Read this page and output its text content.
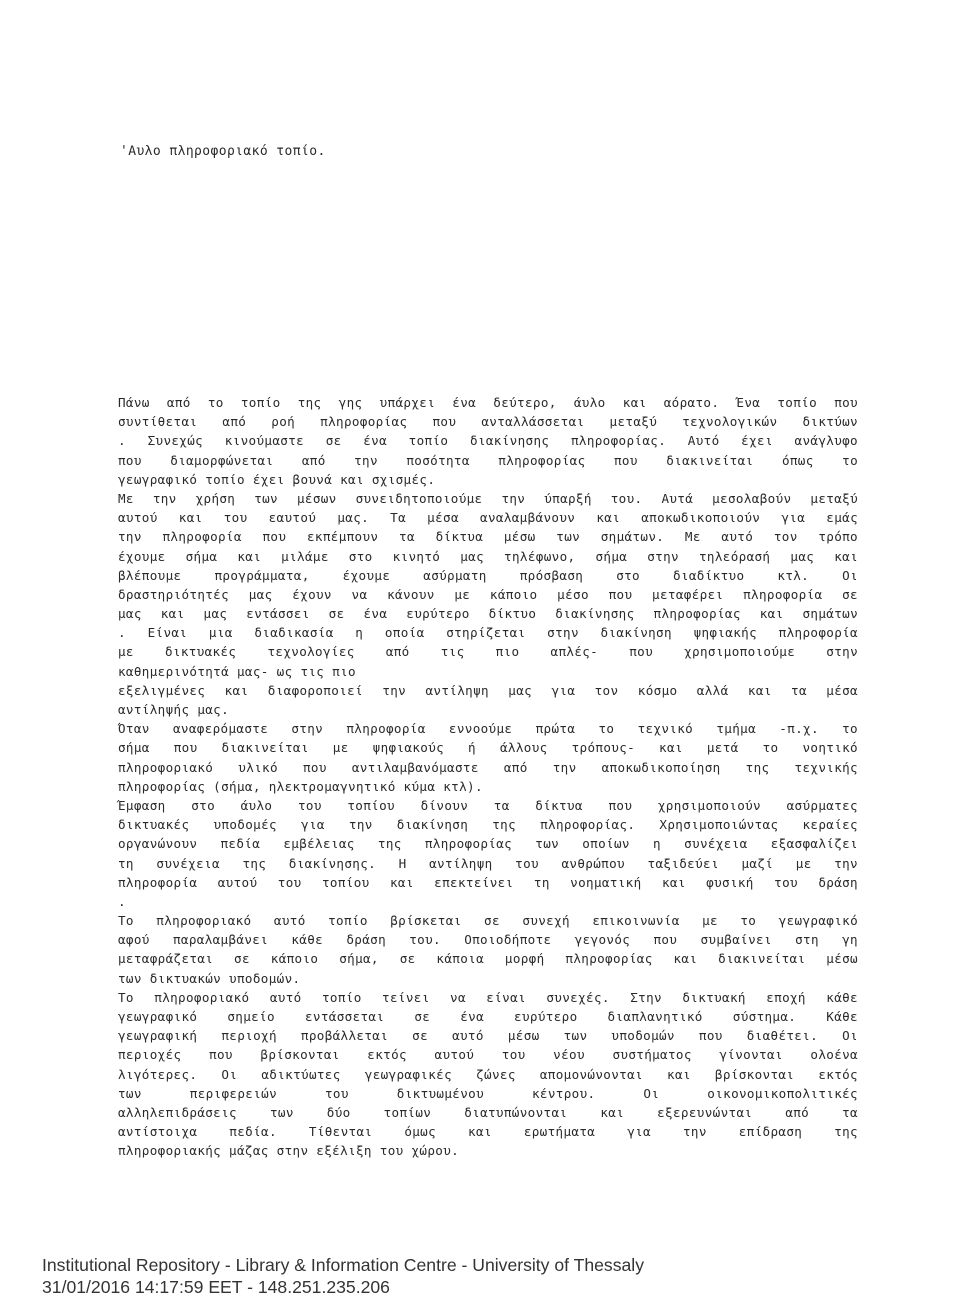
'Αυλο πληροφοριακό τοπίο.
Πάνω από το τοπίο της γης υπάρχει ένα δεύτερο, άυλο και αόρατο. Ένα τοπίο που
συντίθεται από ροή πληροφορίας που ανταλλάσσεται μεταξύ τεχνολογικών δικτύων
. Συνεχώς κινούμαστε σε ένα τοπίο διακίνησης πληροφορίας. Αυτό έχει ανάγλυφο
που διαμορφώνεται από την ποσότητα πληροφορίας που διακινείται όπως το
γεωγραφικό τοπίο έχει βουνά και σχισμές.
Με την χρήση των μέσων συνειδητοποιούμε την ύπαρξή του. Αυτά μεσολαβούν μεταξύ
αυτού και του εαυτού μας. Τα μέσα αναλαμβάνουν και αποκωδικοποιούν για εμάς
την πληροφορία που εκπέμπουν τα δίκτυα μέσω των σημάτων. Με αυτό τον τρόπο
έχουμε σήμα και μιλάμε στο κινητό μας τηλέφωνο, σήμα στην τηλεόρασή μας και
βλέπουμε προγράμματα, έχουμε ασύρματη πρόσβαση στο διαδίκτυο κτλ. Οι
δραστηριότητές μας έχουν να κάνουν με κάποιο μέσο που μεταφέρει πληροφορία σε
μας και μας εντάσσει σε ένα ευρύτερο δίκτυο διακίνησης πληροφορίας και σημάτων
. Είναι μια διαδικασία η οποία στηρίζεται στην διακίνηση ψηφιακής πληροφορία
με δικτυακές τεχνολογίες από τις πιο απλές- που χρησιμοποιούμε στην
καθημερινότητά μας- ως τις πιο
εξελιγμένες και διαφοροποιεί την αντίληψη μας για τον κόσμο αλλά και τα μέσα
αντίληψής μας.
Όταν αναφερόμαστε στην πληροφορία εννοούμε πρώτα το τεχνικό τμήμα -π.χ. το
σήμα που διακινείται με ψηφιακούς ή άλλους τρόπους- και μετά το νοητικό
πληροφοριακό υλικό που αντιλαμβανόμαστε από την αποκωδικοποίηση της τεχνικής
πληροφορίας (σήμα, ηλεκτρομαγνητικό κύμα κτλ).
Έμφαση στο άυλο του τοπίου δίνουν τα δίκτυα που χρησιμοποιούν ασύρματες
δικτυακές υποδομές για την διακίνηση της πληροφορίας. Χρησιμοποιώντας κεραίες
οργανώνουν πεδία εμβέλειας της πληροφορίας των οποίων η συνέχεια εξασφαλίζει
τη συνέχεια της διακίνησης. Η αντίληψη του ανθρώπου ταξιδεύει μαζί με την
πληροφορία αυτού του τοπίου και επεκτείνει τη νοηματική και φυσική του δράση
.
Το πληροφοριακό αυτό τοπίο βρίσκεται σε συνεχή επικοινωνία με το γεωγραφικό
αφού παραλαμβάνει κάθε δράση του. Οποιοδήποτε γεγονός που συμβαίνει στη γη
μεταφράζεται σε κάποιο σήμα, σε κάποια μορφή πληροφορίας και διακινείται μέσω
των δικτυακών υποδομών.
Το πληροφοριακό αυτό τοπίο τείνει να είναι συνεχές. Στην δικτυακή εποχή κάθε
γεωγραφικό σημείο εντάσσεται σε ένα ευρύτερο διαπλανητικό σύστημα. Κάθε
γεωγραφική περιοχή προβάλλεται σε αυτό μέσω των υποδομών που διαθέτει. Οι
περιοχές που βρίσκονται εκτός αυτού του νέου συστήματος γίνονται ολοένα
λιγότερες. Οι αδικτύωτες γεωγραφικές ζώνες απομονώνονται και βρίσκονται εκτός
των περιφερειών του δικτυωμένου κέντρου. Οι οικονομικοπολιτικές
αλληλεπιδράσεις των δύο τοπίων διατυπώνονται και εξερευνώνται από τα
αντίστοιχα πεδία. Τίθενται όμως και ερωτήματα για την επίδραση της
πληροφοριακής μάζας στην εξέλιξη του χώρου.
Institutional Repository - Library & Information Centre - University of Thessaly
31/01/2016 14:17:59 EET - 148.251.235.206
